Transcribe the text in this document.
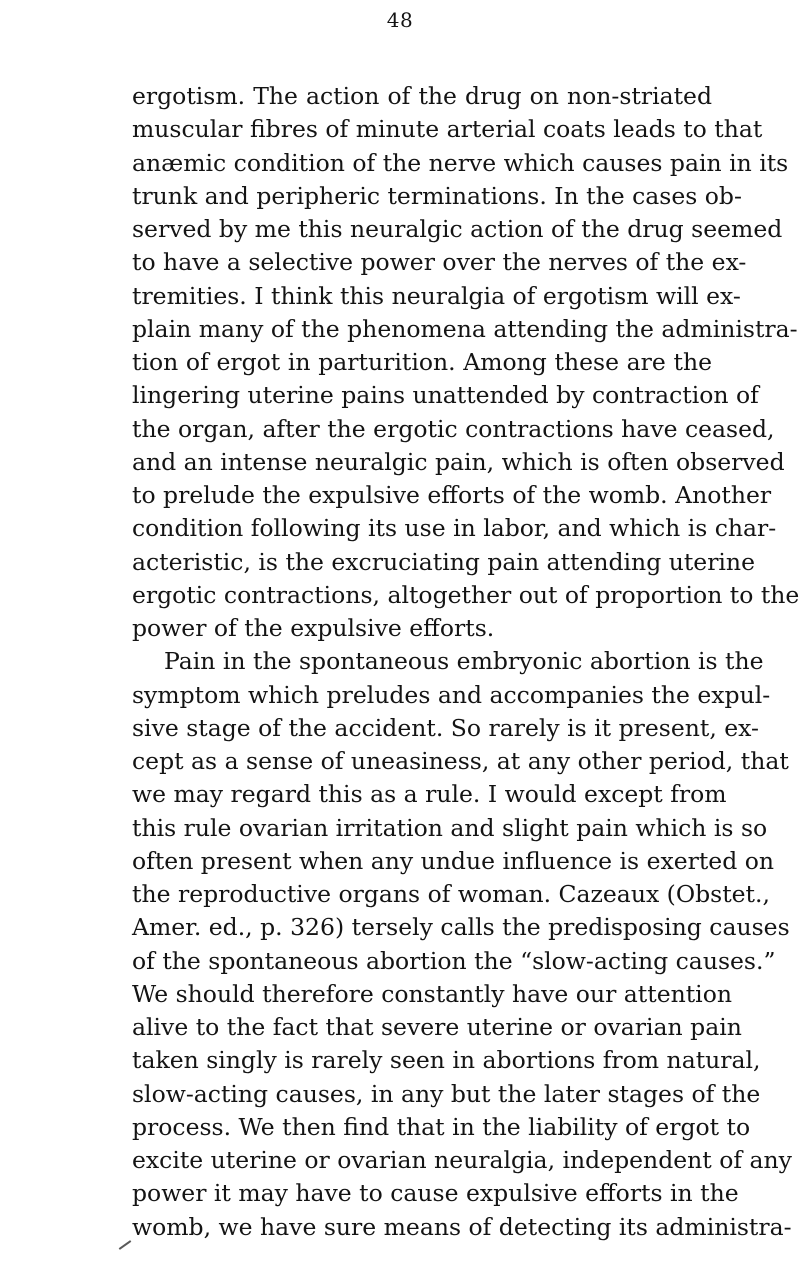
48
ergotism. The action of the drug on non-striated
muscular fibres of minute arterial coats leads to that
anæmic condition of the nerve which causes pain in its
trunk and peripheric terminations. In the cases ob-
served by me this neuralgic action of the drug seemed
to have a selective power over the nerves of the ex-
tremities. I think this neuralgia of ergotism will ex-
plain many of the phenomena attending the administra-
tion of ergot in parturition. Among these are the
lingering uterine pains unattended by contraction of
the organ, after the ergotic contractions have ceased,
and an intense neuralgic pain, which is often observed
to prelude the expulsive efforts of the womb. Another
condition following its use in labor, and which is char-
acteristic, is the excruciating pain attending uterine
ergotic contractions, altogether out of proportion to the
power of the expulsive efforts.
Pain in the spontaneous embryonic abortion is the
symptom which preludes and accompanies the expul-
sive stage of the accident. So rarely is it present, ex-
cept as a sense of uneasiness, at any other period, that
we may regard this as a rule. I would except from
this rule ovarian irritation and slight pain which is so
often present when any undue influence is exerted on
the reproductive organs of woman. Cazeaux (Obstet.,
Amer. ed., p. 326) tersely calls the predisposing causes
of the spontaneous abortion the “slow-acting causes.”
We should therefore constantly have our attention
alive to the fact that severe uterine or ovarian pain
taken singly is rarely seen in abortions from natural,
slow-acting causes, in any but the later stages of the
process. We then find that in the liability of ergot to
excite uterine or ovarian neuralgia, independent of any
power it may have to cause expulsive efforts in the
womb, we have sure means of detecting its administra-
